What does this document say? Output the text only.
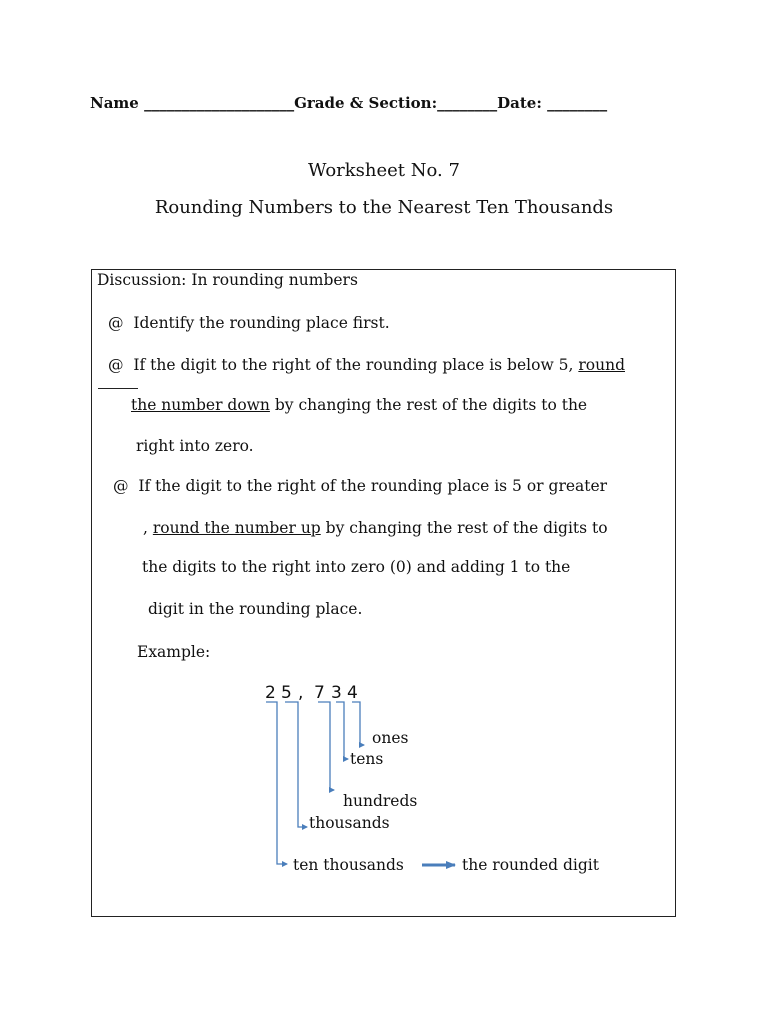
Name ____________________Grade & Section:________Date: ________
Worksheet No. 7
Rounding Numbers to the Nearest Ten Thousands
Discussion: In rounding numbers
@ Identify the rounding place first.
@ If the digit to the right of the rounding place is below 5, round
the number down by changing the rest of the digits to the
right into zero.
@ If the digit to the right of the rounding place is 5 or greater
, round the number up by changing the rest of the digits to
the digits to the right into zero (0) and adding 1 to the
digit in the rounding place.
Example:
2 5 , 7 3 4
ones
tens
hundreds
thousands
ten thousands	the rounded digit
